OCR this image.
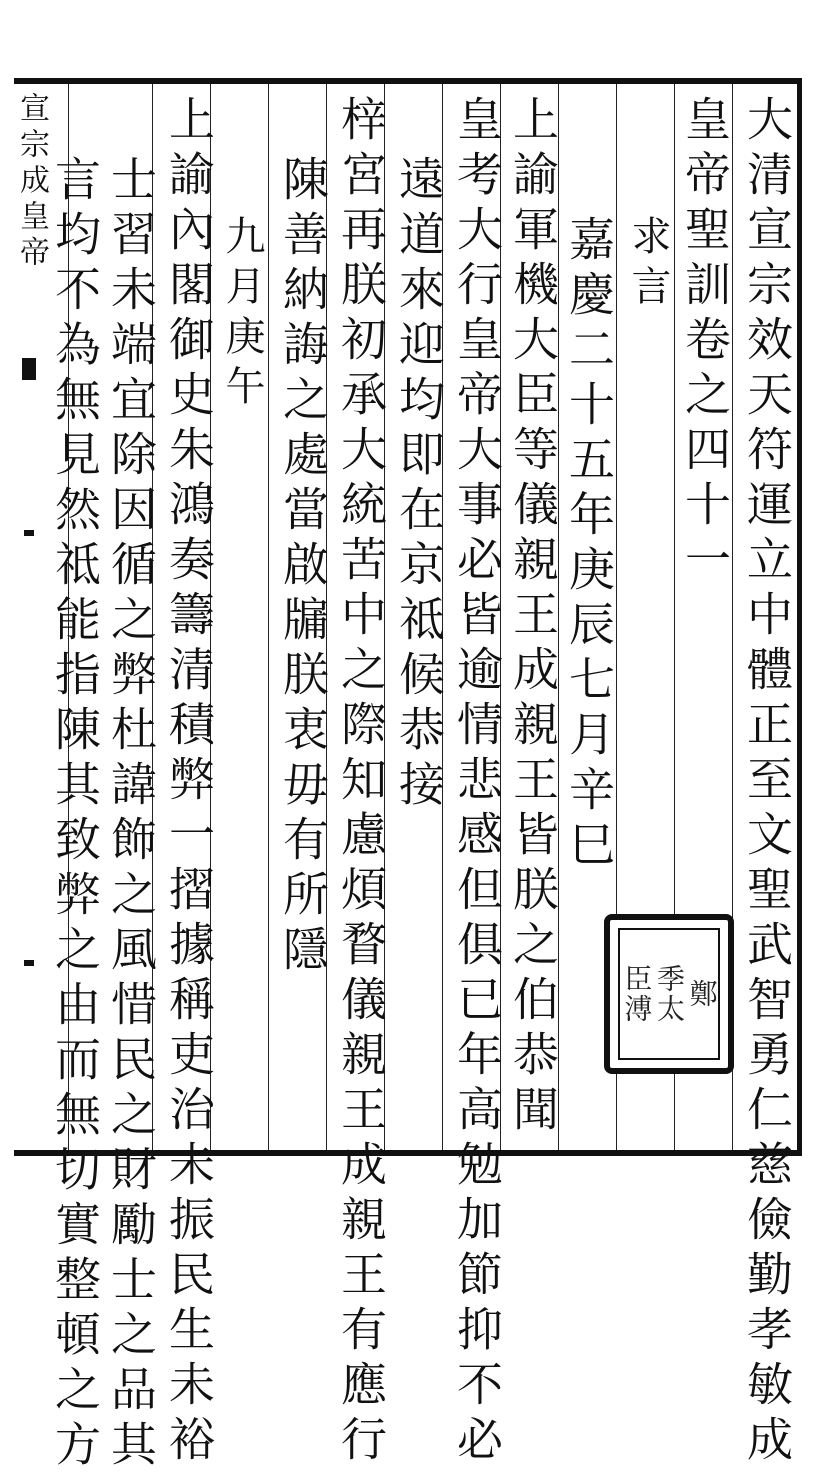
大清宣宗效天符運立中體正至文聖武智勇仁慈儉勤孝敏成
皇帝聖訓卷之四十一
求言
嘉慶二十五年庚辰七月辛巳
上諭軍機大臣等儀親王成親王皆朕之伯恭聞
皇考大行皇帝大事必皆逾情悲感但俱已年高勉加節抑不必
遠道來迎均即在京祗候恭接
梓宮再朕初承大統苦中之際知慮煩瞀儀親王成親王有應行
陳善納誨之處當啟牖朕衷毋有所隱
九月庚午
上諭內閣御史朱鴻奏籌清積弊一摺據稱吏治未振民生未裕
士習未端宜除因循之弊杜諱飾之風惜民之財勵士之品其
言均不為無見然祗能指陳其致弊之由而無切實整頓之方
宣宗成皇帝
臣溥 季太 鄭
